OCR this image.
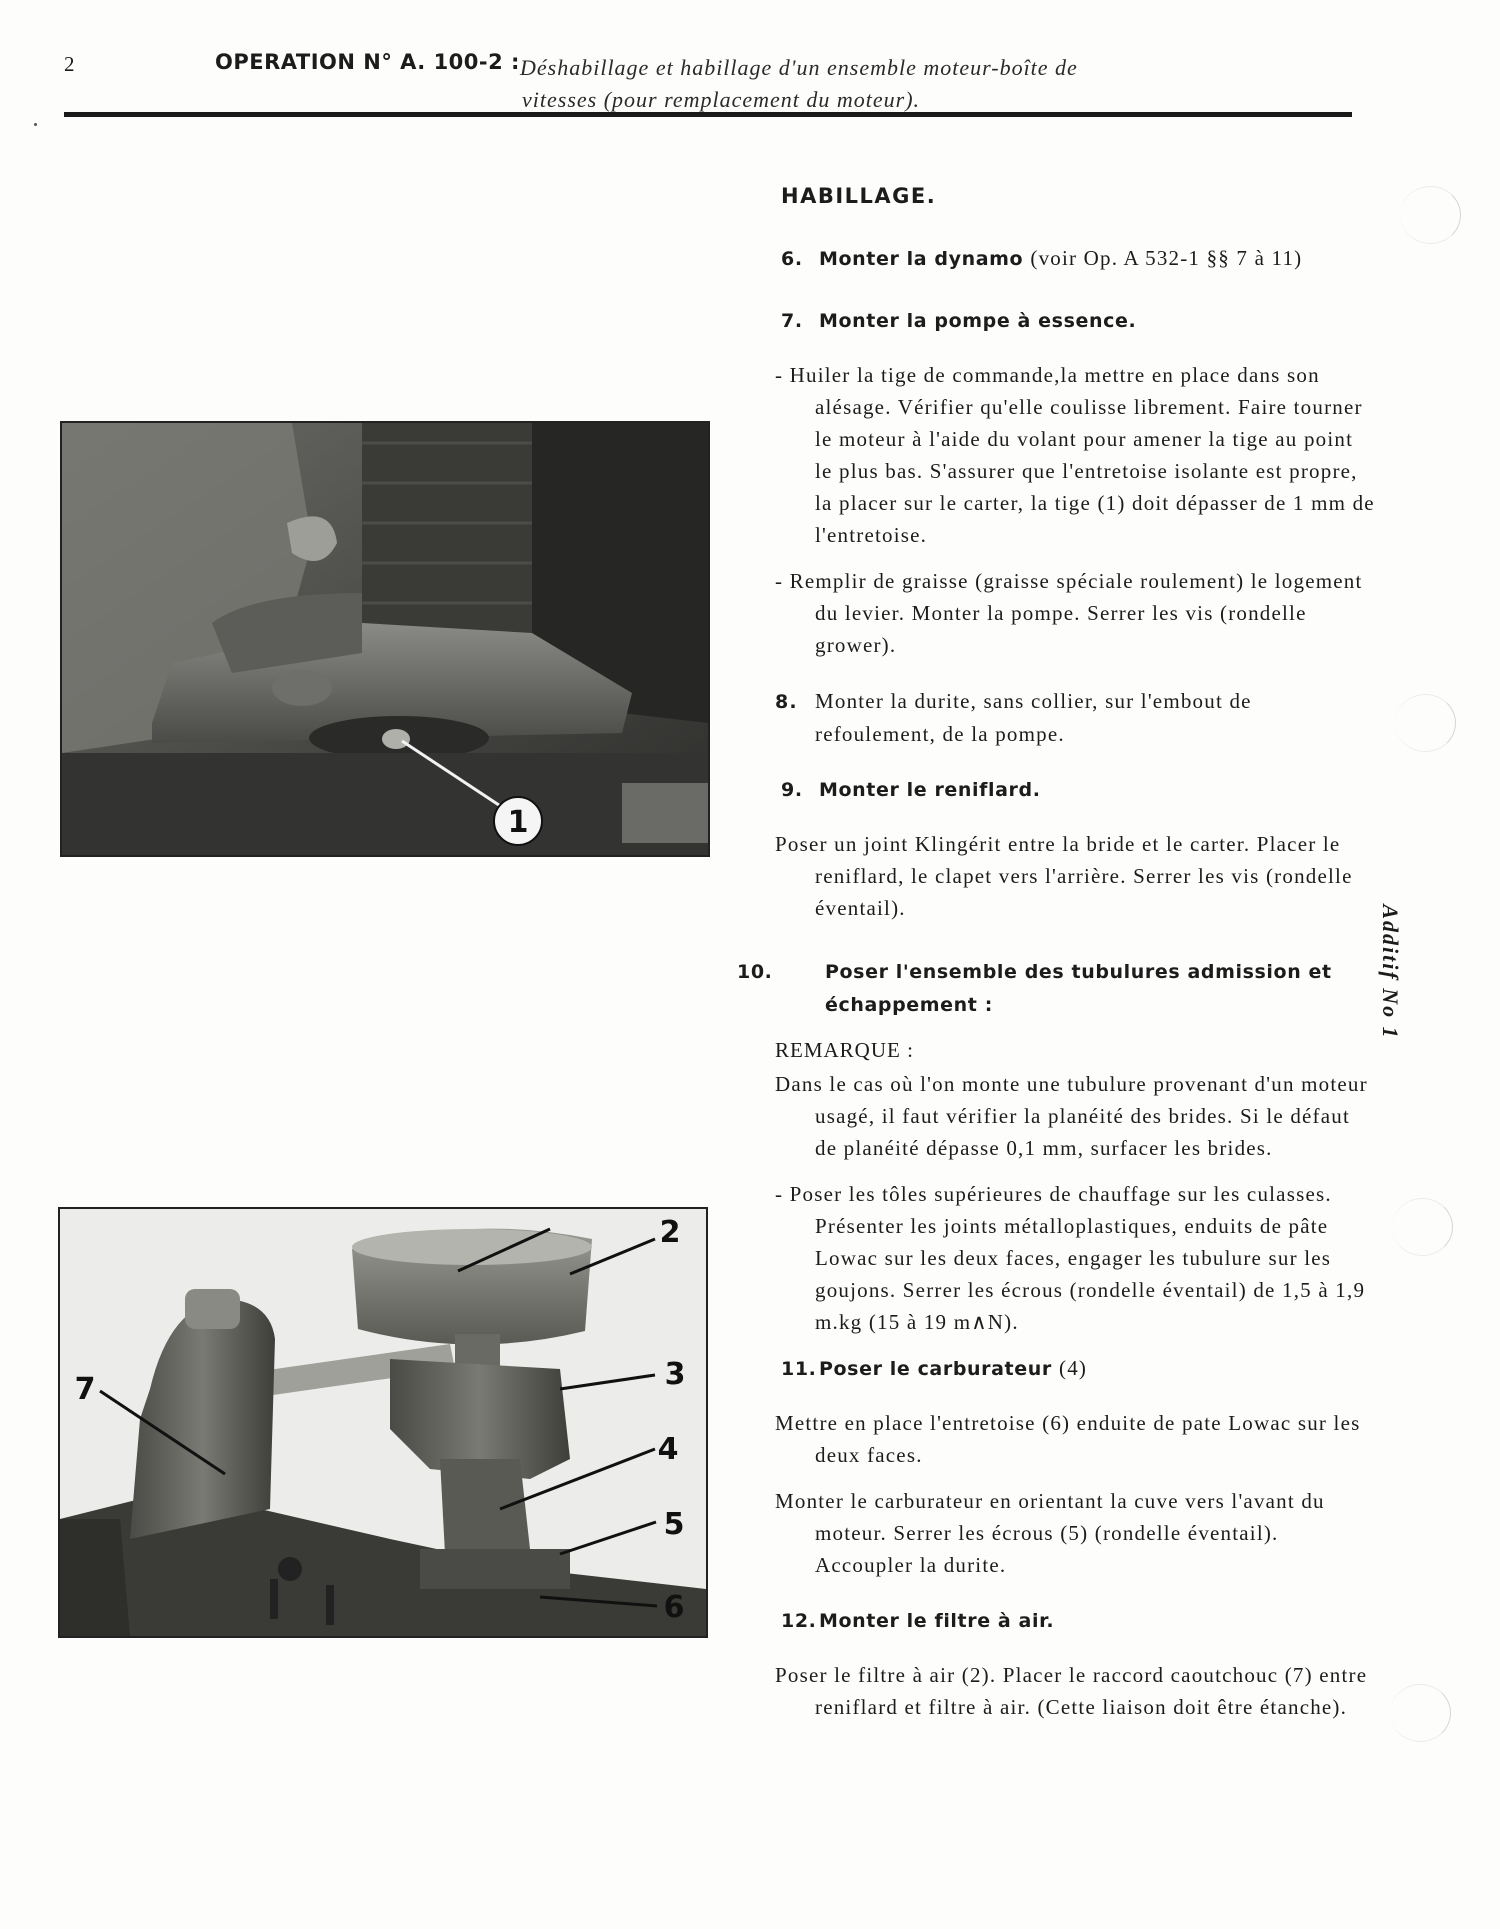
2	OPERATION N° A. 100-2 : Déshabillage et habillage d'un ensemble moteur-boîte de
vitesses (pour remplacement du moteur).
1
2
3
4
5
6
7
HABILLAGE.
6. Monter la dynamo (voir Op. A 532-1 §§ 7 à 11)
7. Monter la pompe à essence.

- Huiler la tige de commande,la mettre en place dans son alésage. Vérifier qu'elle coulisse librement. Faire tourner le moteur à l'aide du volant pour amener la tige au point le plus bas. S'assurer que l'entretoise isolante est propre, la placer sur le carter, la tige (1) doit dépasser de 1 mm de l'entretoise.

- Remplir de graisse (graisse spéciale roulement) le logement du levier. Monter la pompe. Serrer les vis (rondelle grower).

8. Monter la durite, sans collier, sur l'embout de refoulement, de la pompe.

9. Monter le reniflard.

Poser un joint Klingérit entre la bride et le carter. Placer le reniflard, le clapet vers l'arrière. Serrer les vis (rondelle éventail).

10.	Poser l'ensemble des tubulures admission et échappement :
REMARQUE :

Dans le cas où l'on monte une tubulure provenant d'un moteur usagé, il faut vérifier la planéité des brides. Si le défaut de planéité dépasse 0,1 mm, surfacer les brides.

- Poser les tôles supérieures de chauffage sur les culasses. Présenter les joints métalloplastiques, enduits de pâte Lowac sur les deux faces, engager les tubulure sur les goujons. Serrer les écrous (rondelle éventail) de 1,5 à 1,9 m.kg (15 à 19 m∧N).

11. Poser le carburateur (4)

Mettre en place l'entretoise (6) enduite de pate Lowac sur les deux faces.

Monter le carburateur en orientant la cuve vers l'avant du moteur. Serrer les écrous (5) (rondelle éventail). Accoupler la durite.

12. Monter le filtre à air.

Poser le filtre à air (2). Placer le raccord caoutchouc (7) entre reniflard et filtre à air. (Cette liaison doit être étanche).

Additif No 1
